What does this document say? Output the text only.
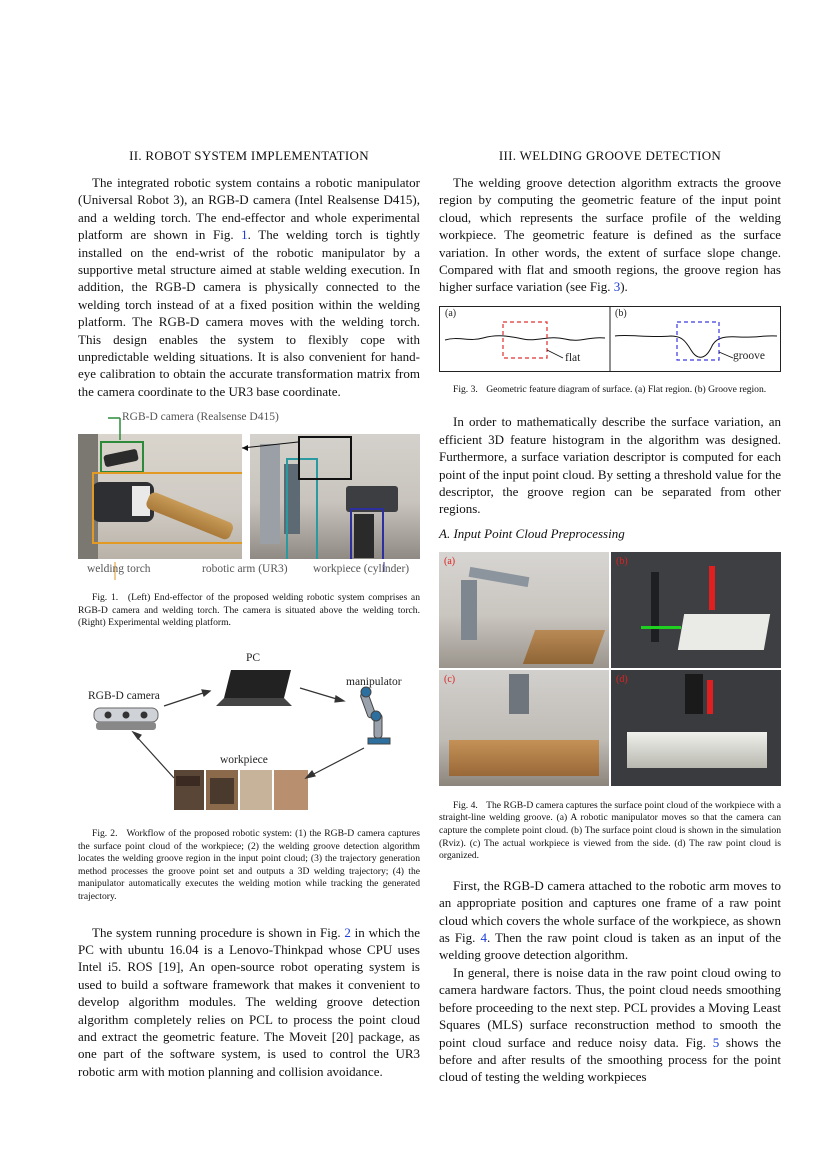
II. ROBOT SYSTEM IMPLEMENTATION

The integrated robotic system contains a robotic manipulator (Universal Robot 3), an RGB-D camera (Intel Realsense D415), and a welding torch. The end-effector and whole experimental platform are shown in Fig. 1. The welding torch is tightly installed on the end-wrist of the robotic manipulator by a supportive metal structure aimed at stable welding execution. In addition, the RGB-D camera is physically connected to the welding torch instead of at a fixed position within the welding platform. The RGB-D camera moves with the welding torch. This design enables the system to flexibly cope with unpredictable welding situations. It is also convenient for hand-eye calibration to obtain the accurate transformation matrix from the camera coordinate to the UR3 base coordinate.

RGB-D camera (Realsense D415)
welding torch	robotic arm (UR3) workpiece (cylinder)

Fig. 1. (Left) End-effector of the proposed welding robotic system comprises an RGB-D camera and welding torch. The camera is situated above the welding torch. (Right) Experimental welding platform.

PC
manipulator
RGB-D camera
workpiece

Fig. 2. Workflow of the proposed robotic system: (1) the RGB-D camera captures the surface point cloud of the workpiece; (2) the welding groove detection algorithm locates the welding groove region in the input point cloud; (3) the trajectory generation method processes the groove point set and outputs a 3D welding trajectory; (4) the manipulator automatically executes the welding motion while tracking the generated trajectory.

The system running procedure is shown in Fig. 2 in which the PC with ubuntu 16.04 is a Lenovo-Thinkpad whose CPU uses Intel i5. ROS [19], An open-source robot operating system is used to build a software framework that makes it convenient to develop algorithm modules. The welding groove detection algorithm completely relies on PCL to process the point cloud and extract the geometric feature. The Moveit [20] package, as one part of the software system, is used to control the UR3 robotic arm with motion planning and collision avoidance.

III. WELDING GROOVE DETECTION

The welding groove detection algorithm extracts the groove region by computing the geometric feature of the input point cloud, which represents the surface profile of the welding workpiece. The geometric feature is defined as the surface variation. In other words, the extent of surface slope change. Compared with flat and smooth regions, the groove region has higher surface variation (see Fig. 3).

(a)	(b)
flat	groove

Fig. 3. Geometric feature diagram of surface. (a) Flat region. (b) Groove region.

In order to mathematically describe the surface variation, an efficient 3D feature histogram in the algorithm was designed. Furthermore, a surface variation descriptor is computed for each point of the input point cloud. By setting a threshold value for the descriptor, the groove region can be separated from other regions.

A. Input Point Cloud Preprocessing
(a)	(b)
(c)	(d)

Fig. 4. The RGB-D camera captures the surface point cloud of the workpiece with a straight-line welding groove. (a) A robotic manipulator moves so that the camera can capture the complete point cloud. (b) The surface point cloud is shown in the simulation (Rviz). (c) The actual workpiece is viewed from the side. (d) The raw point cloud is organized.

First, the RGB-D camera attached to the robotic arm moves to an appropriate position and captures one frame of a raw point cloud which covers the whole surface of the workpiece, as shown as Fig. 4. Then the raw point cloud is taken as an input of the welding groove detection algorithm.

In general, there is noise data in the raw point cloud owing to camera hardware factors. Thus, the point cloud needs smoothing before proceeding to the next step. PCL provides a Moving Least Squares (MLS) surface reconstruction method to smooth the point cloud surface and reduce noisy data. Fig. 5 shows the before and after results of the smoothing process for the point cloud of testing the welding workpieces
